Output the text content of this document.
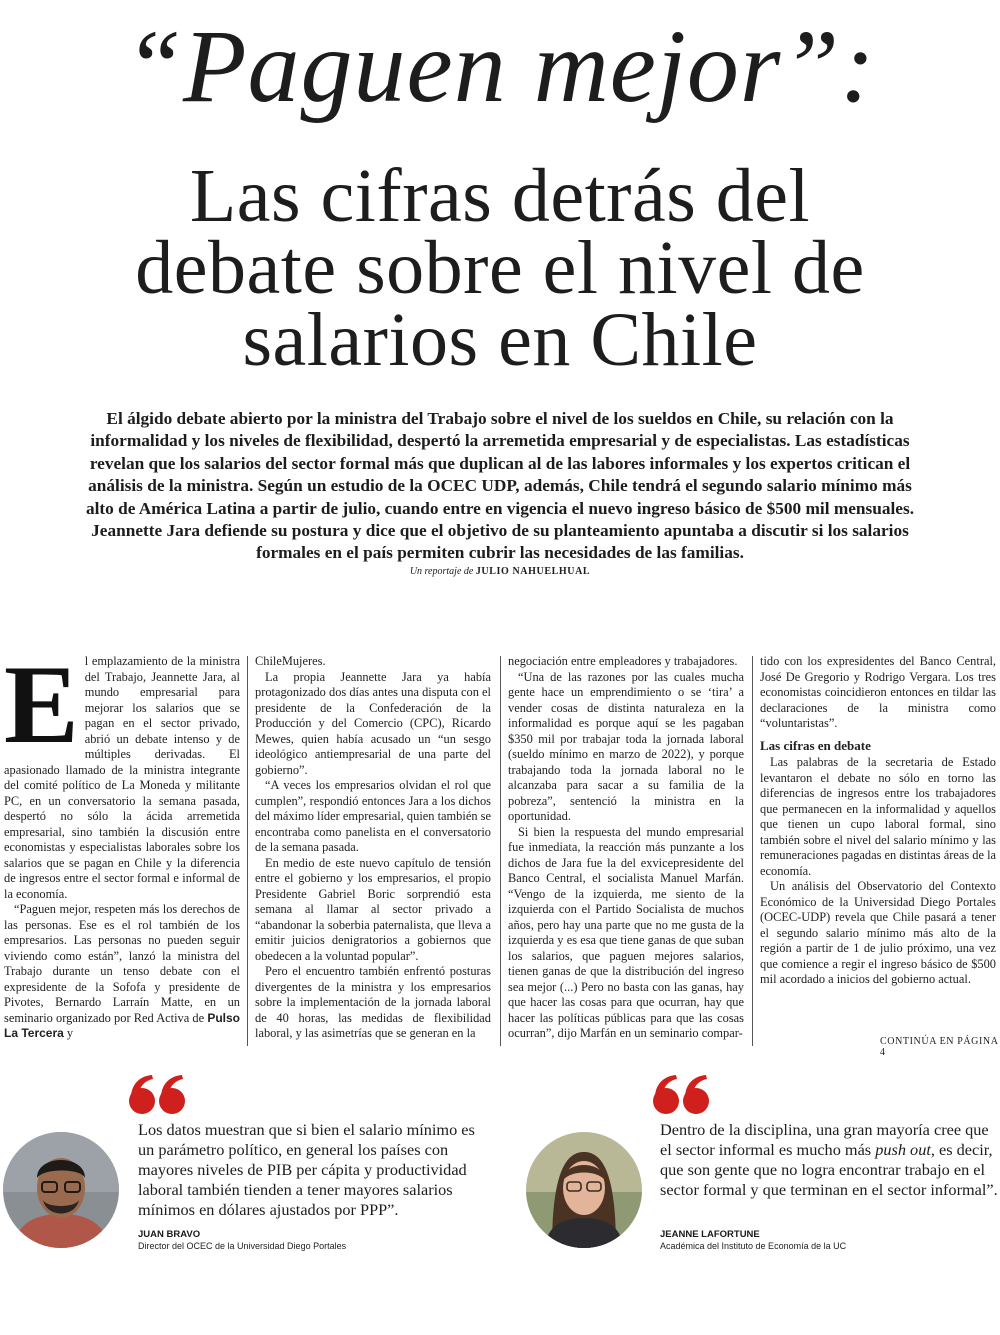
“Paguen mejor”:
Las cifras detrás del
debate sobre el nivel de
salarios en Chile
El álgido debate abierto por la ministra del Trabajo sobre el nivel de los sueldos en Chile, su relación con la informalidad y los niveles de flexibilidad, despertó la arremetida empresarial y de especialistas. Las estadísticas revelan que los salarios del sector formal más que duplican al de las labores informales y los expertos critican el análisis de la ministra. Según un estudio de la OCEC UDP, además, Chile tendrá el segundo salario mínimo más alto de América Latina a partir de julio, cuando entre en vigencia el nuevo ingreso básico de $500 mil mensuales. Jeannette Jara defiende su postura y dice que el objetivo de su planteamiento apuntaba a discutir si los salarios formales en el país permiten cubrir las necesidades de las familias.
Un reportaje de JULIO NAHUELHUAL
E l emplazamiento de la ministra del Trabajo, Jeannette Jara, al mundo empresarial para mejorar los salarios que se pagan en el sector privado, abrió un debate intenso y de múltiples derivadas. El apasionado llamado de la ministra integrante del comité político de La Moneda y militante PC, en un conversatorio la semana pasada, despertó no sólo la ácida arremetida empresarial, sino también la discusión entre economistas y especialistas laborales sobre los salarios que se pagan en Chile y la diferencia de ingresos entre el sector formal e informal de la economía.

“Paguen mejor, respeten más los derechos de las personas. Ese es el rol también de los empresarios. Las personas no pueden seguir viviendo como están”, lanzó la ministra del Trabajo durante un tenso debate con el expresidente de la Sofofa y presidente de Pivotes, Bernardo Larraín Matte, en un seminario organizado por Red Activa de Pulso La Tercera y

ChileMujeres.

La propia Jeannette Jara ya había protagonizado dos días antes una disputa con el presidente de la Confederación de la Producción y del Comercio (CPC), Ricardo Mewes, quien había acusado un “un sesgo ideológico antiempresarial de una parte del gobierno”.

“A veces los empresarios olvidan el rol que cumplen”, respondió entonces Jara a los dichos del máximo líder empresarial, quien también se encontraba como panelista en el conversatorio de la semana pasada.

En medio de este nuevo capítulo de tensión entre el gobierno y los empresarios, el propio Presidente Gabriel Boric sorprendió esta semana al llamar al sector privado a “abandonar la soberbia paternalista, que lleva a emitir juicios denigratorios a gobiernos que obedecen a la voluntad popular”.

Pero el encuentro también enfrentó posturas divergentes de la ministra y los empresarios sobre la implementación de la jornada laboral de 40 horas, las medidas de flexibilidad laboral, y las asimetrías que se generan en la

negociación entre empleadores y trabajadores.

“Una de las razones por las cuales mucha gente hace un emprendimiento o se ‘tira’ a vender cosas de distinta naturaleza en la informalidad es porque aquí se les pagaban $350 mil por trabajar toda la jornada laboral (sueldo mínimo en marzo de 2022), y porque trabajando toda la jornada laboral no le alcanzaba para sacar a su familia de la pobreza”, sentenció la ministra en la oportunidad.

Si bien la respuesta del mundo empresarial fue inmediata, la reacción más punzante a los dichos de Jara fue la del exvicepresidente del Banco Central, el socialista Manuel Marfán. “Vengo de la izquierda, me siento de la izquierda con el Partido Socialista de muchos años, pero hay una parte que no me gusta de la izquierda y es esa que tiene ganas de que suban los salarios, que paguen mejores salarios, tienen ganas de que la distribución del ingreso sea mejor (...) Pero no basta con las ganas, hay que hacer las cosas para que ocurran, hay que hacer las políticas públicas para que las cosas ocurran”, dijo Marfán en un seminario compar-

tido con los expresidentes del Banco Central, José De Gregorio y Rodrigo Vergara. Los tres economistas coincidieron entonces en tildar las declaraciones de la ministra como “voluntaristas”.

Las cifras en debate

Las palabras de la secretaria de Estado levantaron el debate no sólo en torno las diferencias de ingresos entre los trabajadores que permanecen en la informalidad y aquellos que tienen un cupo laboral formal, sino también sobre el nivel del salario mínimo y las remuneraciones pagadas en distintas áreas de la economía.

Un análisis del Observatorio del Contexto Económico de la Universidad Diego Portales (OCEC-UDP) revela que Chile pasará a tener el segundo salario mínimo más alto de la región a partir de 1 de julio próximo, una vez que comience a regir el ingreso básico de $500 mil acordado a inicios del gobierno actual.

CONTINÚA EN PÁGINA 4
Los datos muestran que si bien el salario mínimo es un parámetro político, en general los países con mayores niveles de PIB per cápita y productividad laboral también tienden a tener mayores salarios mínimos en dólares ajustados por PPP”.
JUAN BRAVO
Director del OCEC de la Universidad Diego Portales
Dentro de la disciplina, una gran mayoría cree que el sector informal es mucho más push out, es decir, que son gente que no logra encontrar trabajo en el sector formal y que terminan en el sector informal”.
JEANNE LAFORTUNE
Académica del Instituto de Economía de la UC
